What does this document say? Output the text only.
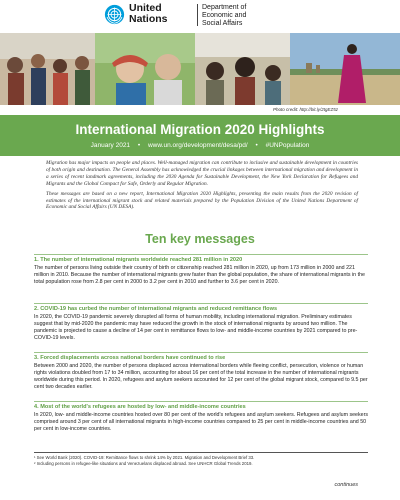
United
Nations
Department of
Economic and
Social Affairs
Photo credit: http://bit.ly/2tgEZ5z
International Migration 2020 Highlights
January 2021 • www.un.org/development/desa/pd/ • #UNPopulation

Migration has major impacts on people and places. Well-managed migration can contribute to inclusive and sustainable development in countries of both origin and destination. The General Assembly has acknowledged the crucial linkages between international migration and development in a series of recent landmark agreements, including the 2030 Agenda for Sustainable Development, the New York Declaration for Refugees and Migrants and the Global Compact for Safe, Orderly and Regular Migration.

These messages are based on a new report, International Migration 2020 Highlights, presenting the main results from the 2020 revision of estimates of the international migrant stock and related materials prepared by the Population Division of the United Nations Department of Economic and Social Affairs (UN DESA).

Ten key messages
1. The number of international migrants worldwide reached 281 million in 2020

The number of persons living outside their country of birth or citizenship reached 281 million in 2020, up from 173 million in 2000 and 221 million in 2010. Because the number of international migrants grew faster than the global population, the share of international migrants in the total population rose from 2.8 per cent in 2000 to 3.2 per cent in 2010 and further to 3.6 per cent in 2020.

2. COVID-19 has curbed the number of international migrants and reduced remittance flows

In 2020, the COVID-19 pandemic severely disrupted all forms of human mobility, including international migration. Preliminary estimates suggest that by mid-2020 the pandemic may have reduced the growth in the stock of international migrants by around two million. The pandemic is projected to cause a decline of 14 per cent in remittance flows to low- and middle-income countries by 2021 compared to pre-COVID-19 levels.

3. Forced displacements across national borders have continued to rise

Between 2000 and 2020, the number of persons displaced across international borders while fleeing conflict, persecution, violence or human rights violations doubled from 17 to 34 million, accounting for about 16 per cent of the total increase in the number of international migrants worldwide during this period. In 2020, refugees and asylum seekers accounted for 12 per cent of the global migrant stock, compared to 9.5 per cent two decades earlier.

4. Most of the world's refugees are hosted by low- and middle-income countries

In 2020, low- and middle-income countries hosted over 80 per cent of the world's refugees and asylum seekers. Refugees and asylum seekers comprised around 3 per cent of all international migrants in high-income countries compared to 25 per cent in middle-income countries and 50 per cent in low-income countries.

¹ See World Bank (2020). COVID-19: Remittance flows to shrink 14% by 2021. Migration and Development Brief 33.

² Including persons in refugee-like situations and Venezuelans displaced abroad. See UNHCR Global Trends 2019.

continues
